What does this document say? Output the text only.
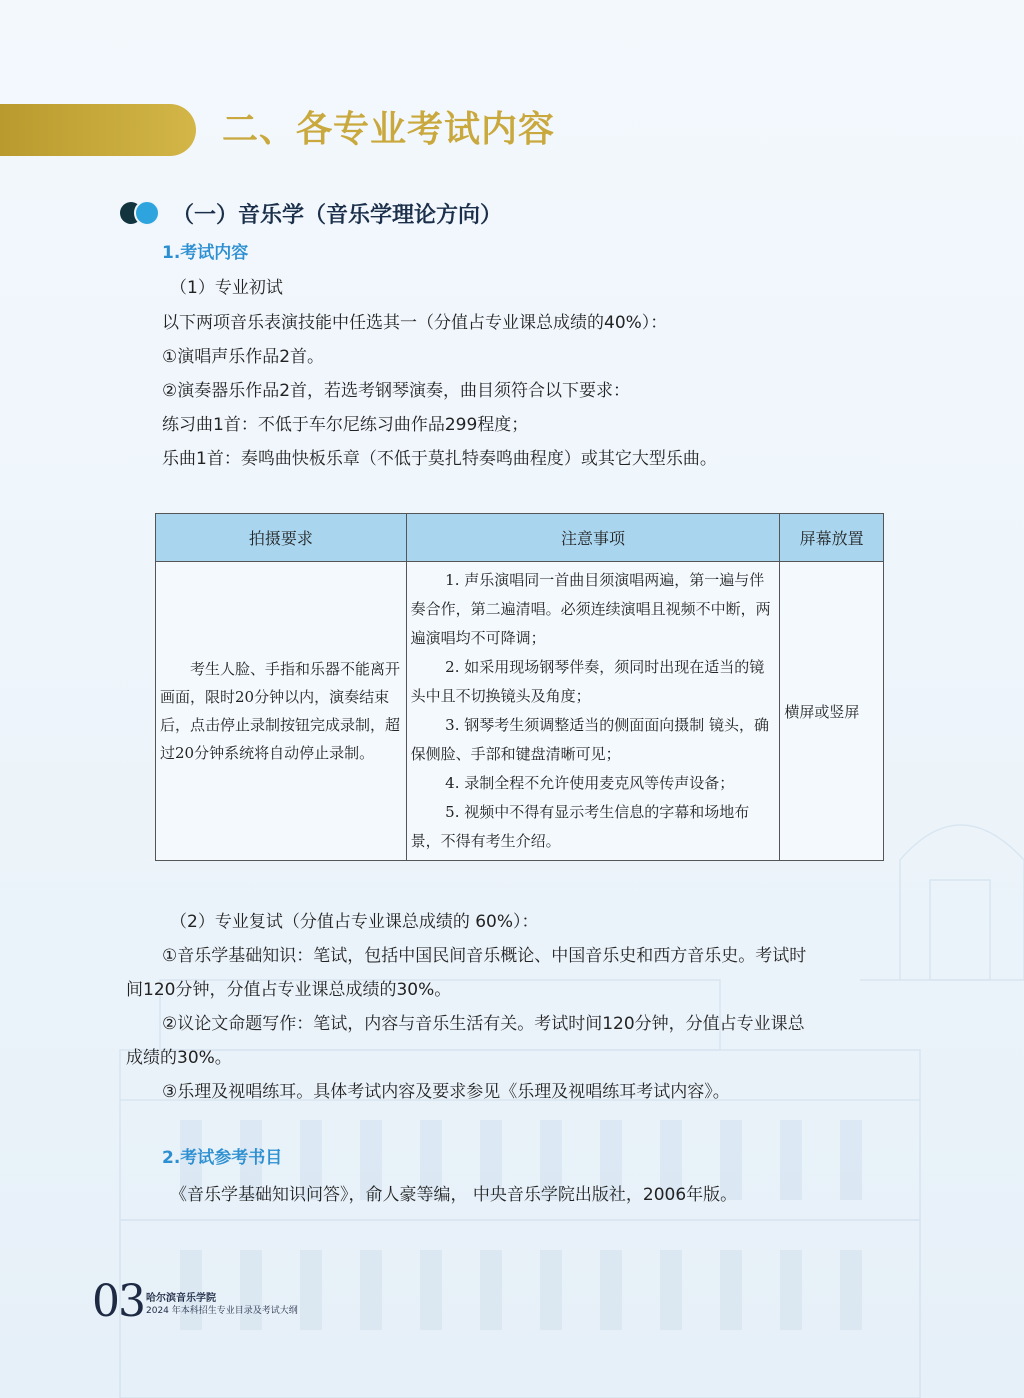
二、各专业考试内容
（一）音乐学（音乐学理论方向）
1.考试内容
（1）专业初试
以下两项音乐表演技能中任选其一（分值占专业课总成绩的40%）：
①演唱声乐作品2首。
②演奏器乐作品2首，若选考钢琴演奏，曲目须符合以下要求：
练习曲1首：不低于车尔尼练习曲作品299程度；
乐曲1首：奏鸣曲快板乐章（不低于莫扎特奏鸣曲程度）或其它大型乐曲。
拍摄要求	注意事项	屏幕放置

考生人脸、手指和乐器不能离开画面，限时20分钟以内，演奏结束后，点击停止录制按钮完成录制，超过20分钟系统将自动停止录制。	1. 声乐演唱同一首曲目须演唱两遍，第一遍与伴奏合作，第二遍清唱。必须连续演唱且视频不中断，两遍演唱均不可降调；

2. 如采用现场钢琴伴奏，须同时出现在适当的镜头中且不切换镜头及角度；

3. 钢琴考生须调整适当的侧面面向摄制 镜头，确保侧脸、手部和键盘清晰可见；

4. 录制全程不允许使用麦克风等传声设备；

5. 视频中不得有显示考生信息的字幕和场地布景，不得有考生介绍。	横屏或竖屏
（2）专业复试（分值占专业课总成绩的 60%）：
①音乐学基础知识：笔试，包括中国民间音乐概论、中国音乐史和西方音乐史。考试时
间120分钟，分值占专业课总成绩的30%。
②议论文命题写作：笔试，内容与音乐生活有关。考试时间120分钟，分值占专业课总
成绩的30%。
③乐理及视唱练耳。具体考试内容及要求参见《乐理及视唱练耳考试内容》。
2.考试参考书目
《音乐学基础知识问答》，俞人豪等编， 中央音乐学院出版社，2006年版。
03 哈尔滨音乐学院
2024 年本科招生专业目录及考试大纲
